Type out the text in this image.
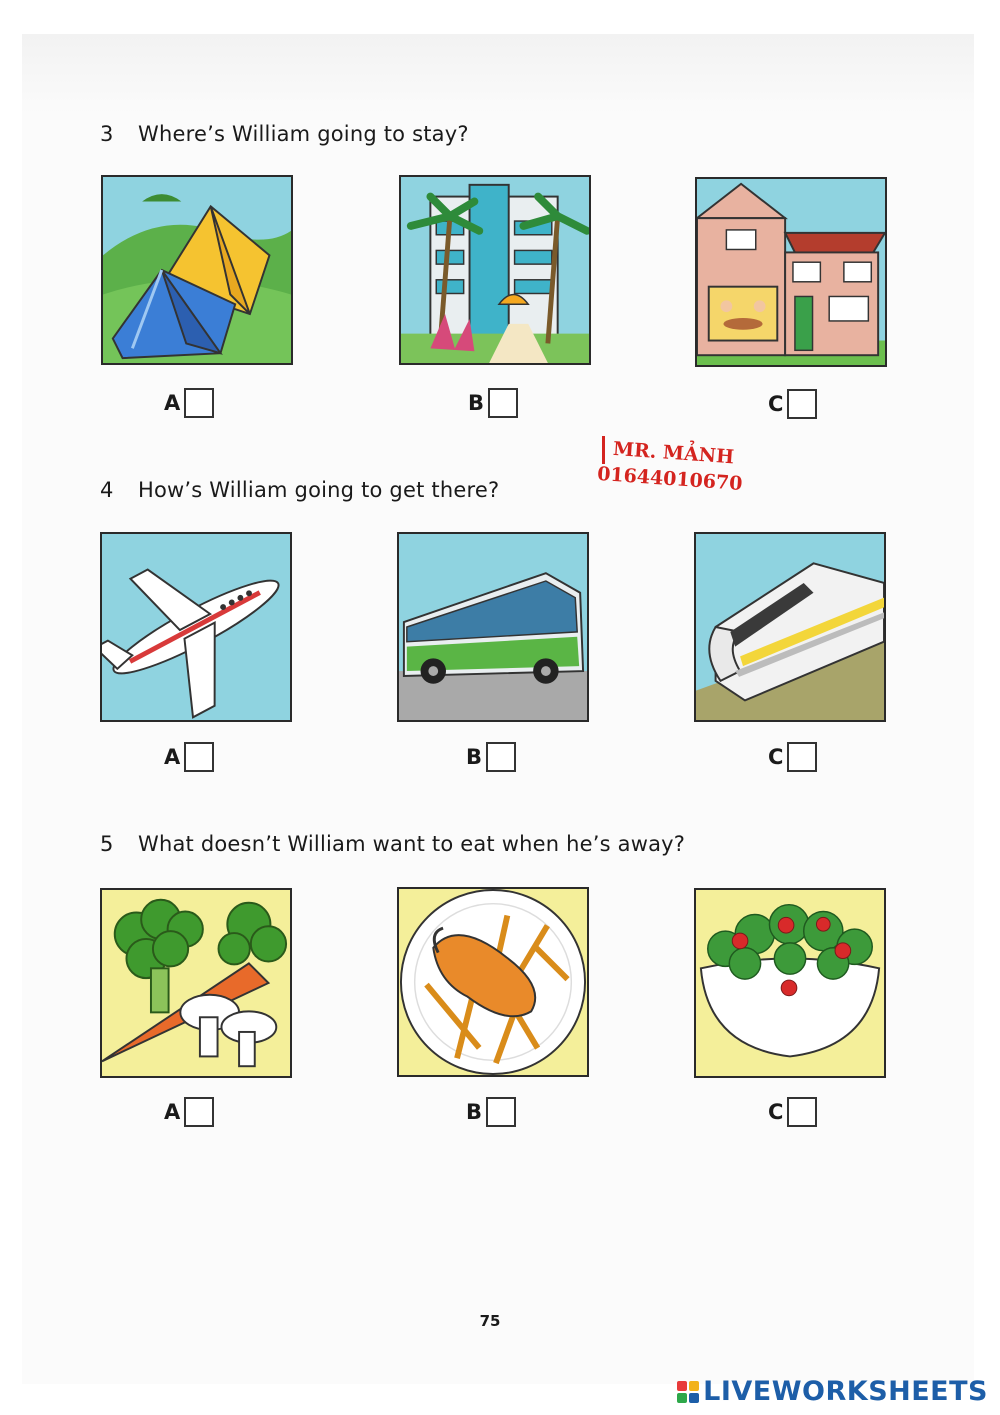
3 Where’s William going to stay?
A	B	C
MR. MẢNH
01644010670
4 How’s William going to get there?
A	B	C
5 What doesn’t William want to eat when he’s away?
A	B	C
75
LIVEWORKSHEETS
